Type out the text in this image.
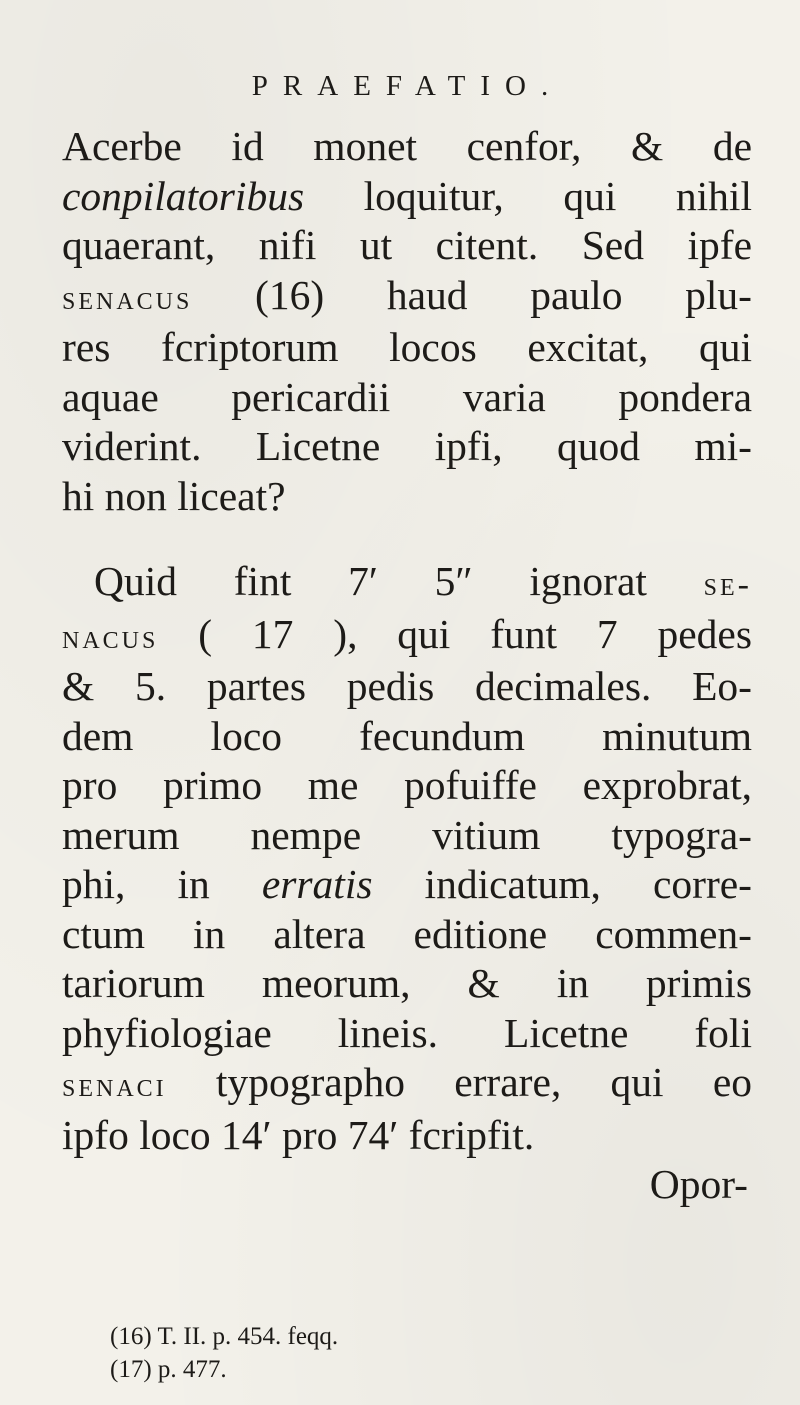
PRAEFATIO.
Acerbe id monet cenfor, & de
conpilatoribus loquitur, qui nihil
quaerant, nifi ut citent. Sed ipfe
senacus (16) haud paulo plu-
res fcriptorum locos excitat, qui
aquae pericardii varia pondera
viderint. Licetne ipfi, quod mi-
hi non liceat?
Quid fint 7′ 5″ ignorat se-
nacus ( 17 ), qui funt 7 pedes
& 5. partes pedis decimales. Eo-
dem loco fecundum minutum
pro primo me pofuiffe exprobrat,
merum nempe vitium typogra-
phi, in erratis indicatum, corre-
ctum in altera editione commen-
tariorum meorum, & in primis
phyfiologiae lineis. Licetne foli
senaci typographo errare, qui eo
ipfo loco 14′ pro 74′ fcripfit.
Opor-
(16) T. II. p. 454. feqq.
(17) p. 477.
